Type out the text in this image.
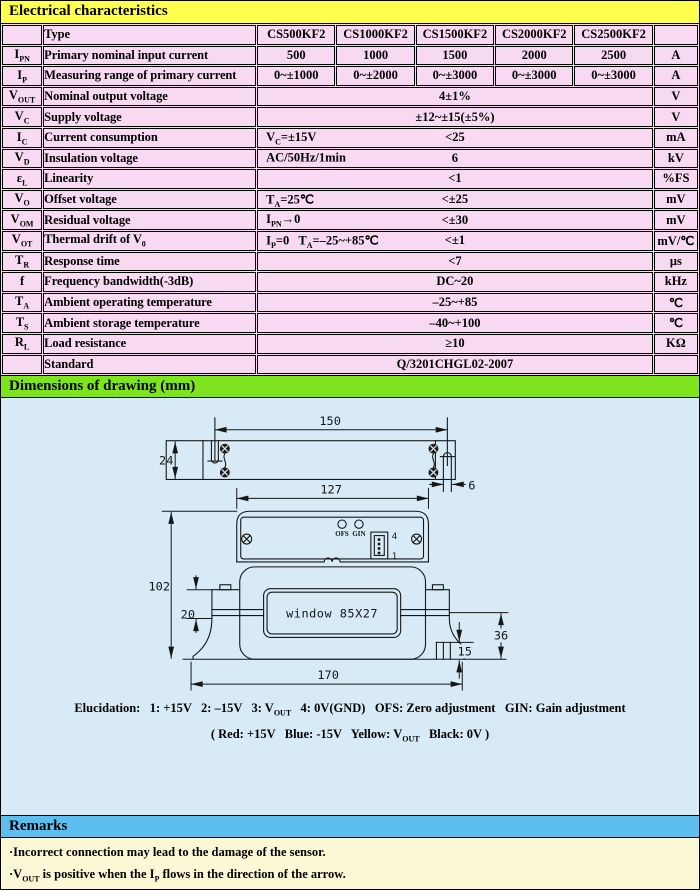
Electrical characteristics
	Type	CS500KF2	CS1000KF2	CS1500KF2	CS2000KF2	CS2500KF2	
$I_{PN}$	Primary nominal input current	500	1000	1500	2000	2500	A
$I_P$	Measuring range of primary current	0~±1000	0~±2000	0~±3000	0~±3000	0~±3000	A
$V_{OUT}$	Nominal output voltage	4±1%					V
$V_C$	Supply voltage	±12~±15(±5%)					V
$I_C$	Current consumption	$V_C=\pm 15V <25$					mA
$V_D$	Insulation voltage	AC/50Hz/1min 6					kV
$\varepsilon_L$	Linearity	<1					%FS
$V_O$	Offset voltage	$T_A=25℃ <\pm 25$					mV
$V_{OM}$	Residual voltage	$I_{PN}\to 0 <\pm 30$					mV
$V_{OT}$	Thermal drift of $V_0$	$I_P=0$   $T_A=-25\sim+85℃ <\pm 1$					mV/℃
$T_R$	Response time	<7					μs
f	Frequency bandwidth(-3dB)	DC~20					kHz
$T_A$	Ambient operating temperature	–25~+85					℃
$T_S$	Ambient storage temperature	–40~+100					℃
$R_L$	Load resistance	≥10					KΩ
	Standard	Q/3201CHGL02-2007					
Dimensions of drawing (mm)
150
24
127	6
102
20
36
15
170
window 85X27
OFS GIN	4
1
Elucidation:   1: +15V   2: –15V   3: $V_{OUT}$   4: 0V(GND)   OFS: Zero adjustment   GIN: Gain adjustment
( Red: +15V   Blue: -15V   Yellow: $V_{OUT}$   Black: 0V )
Remarks
·Incorrect connection may lead to the damage of the sensor.
$\cdot V_{OUT}$ is positive when the $I_P$ flows in the direction of the arrow.
